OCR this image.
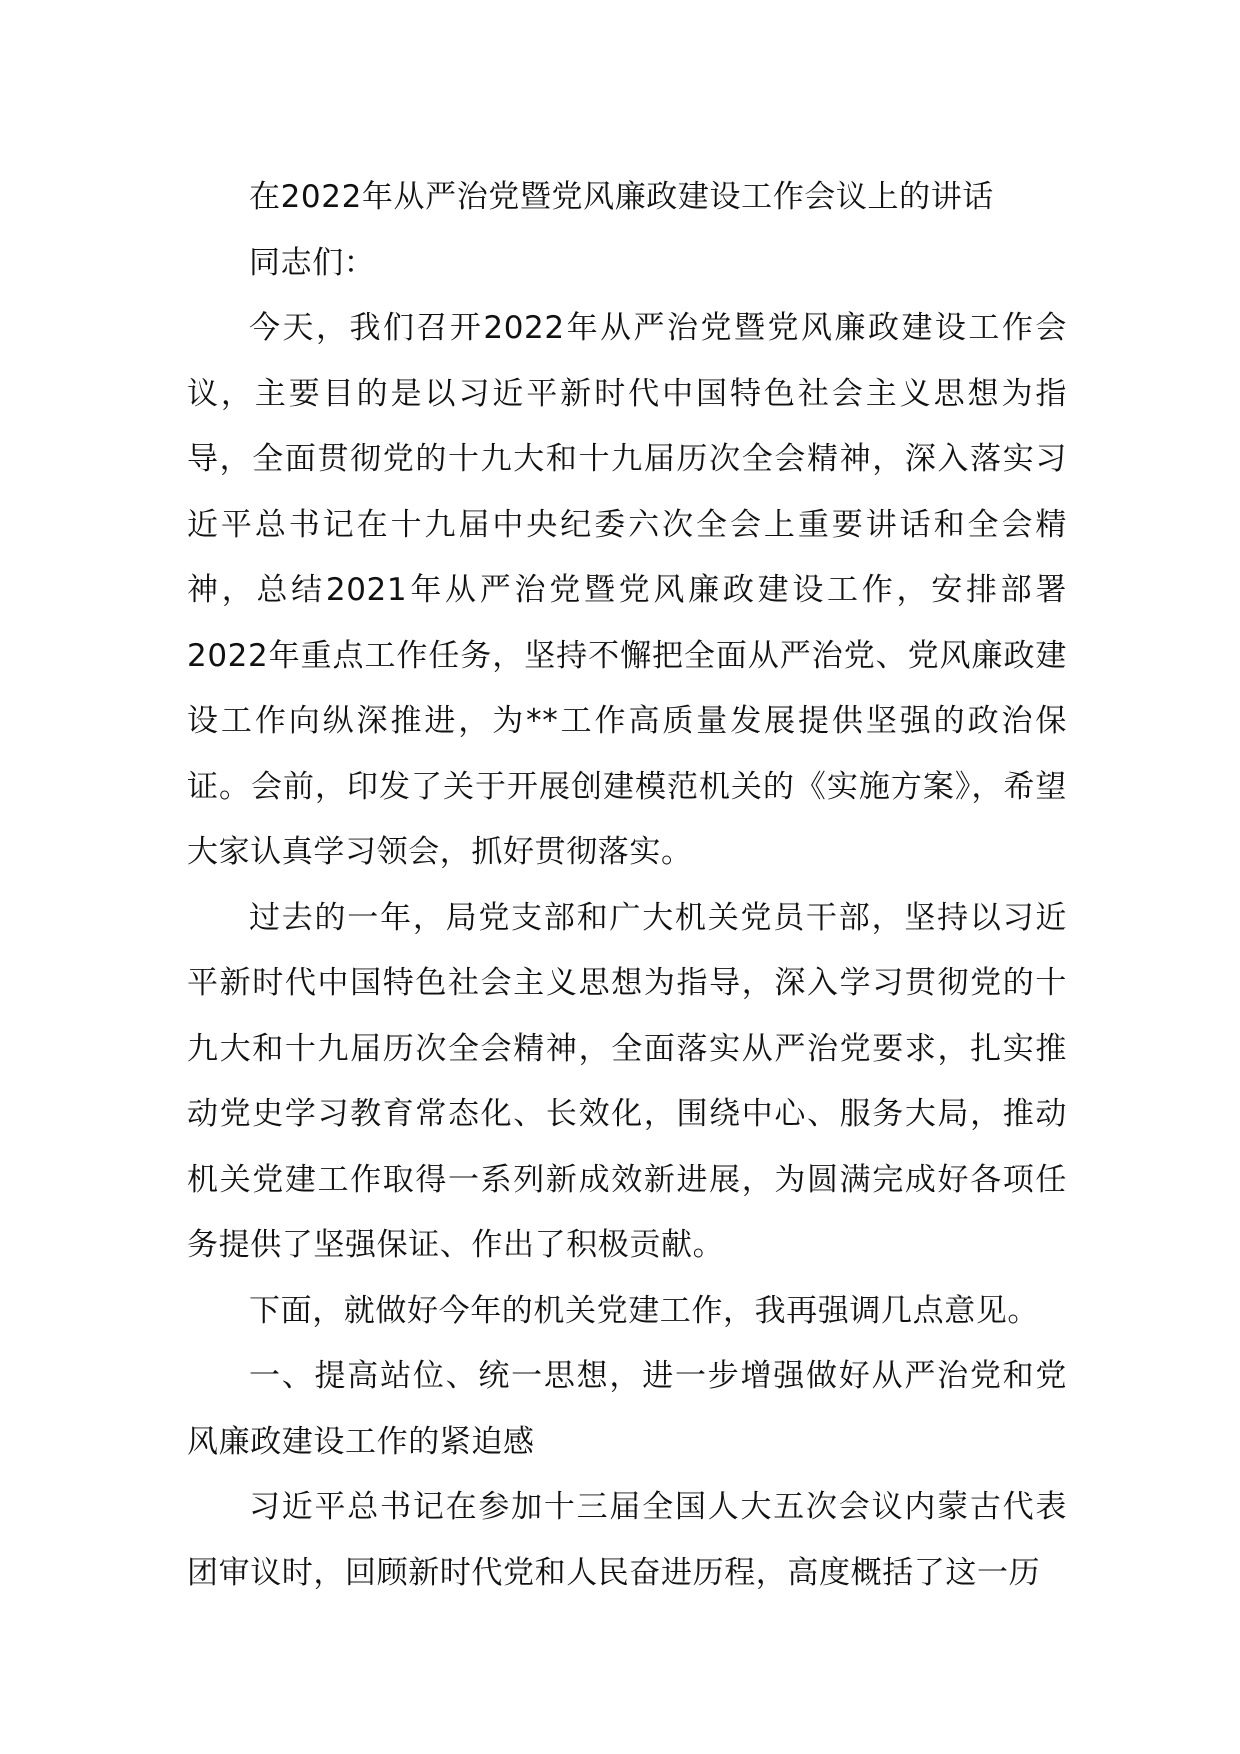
在2022年从严治党暨党风廉政建设工作会议上的讲话

同志们：

今天，我们召开2022年从严治党暨党风廉政建设工作会议，主要目的是以习近平新时代中国特色社会主义思想为指导，全面贯彻党的十九大和十九届历次全会精神，深入落实习近平总书记在十九届中央纪委六次全会上重要讲话和全会精神，总结2021年从严治党暨党风廉政建设工作，安排部署2022年重点工作任务，坚持不懈把全面从严治党、党风廉政建设工作向纵深推进，为**工作高质量发展提供坚强的政治保证。会前，印发了关于开展创建模范机关的《实施方案》，希望大家认真学习领会，抓好贯彻落实。

过去的一年，局党支部和广大机关党员干部，坚持以习近平新时代中国特色社会主义思想为指导，深入学习贯彻党的十九大和十九届历次全会精神，全面落实从严治党要求，扎实推动党史学习教育常态化、长效化，围绕中心、服务大局，推动机关党建工作取得一系列新成效新进展，为圆满完成好各项任务提供了坚强保证、作出了积极贡献。

下面，就做好今年的机关党建工作，我再强调几点意见。

一、提高站位、统一思想，进一步增强做好从严治党和党风廉政建设工作的紧迫感

习近平总书记在参加十三届全国人大五次会议内蒙古代表团审议时，回顾新时代党和人民奋进历程，高度概括了这一历
